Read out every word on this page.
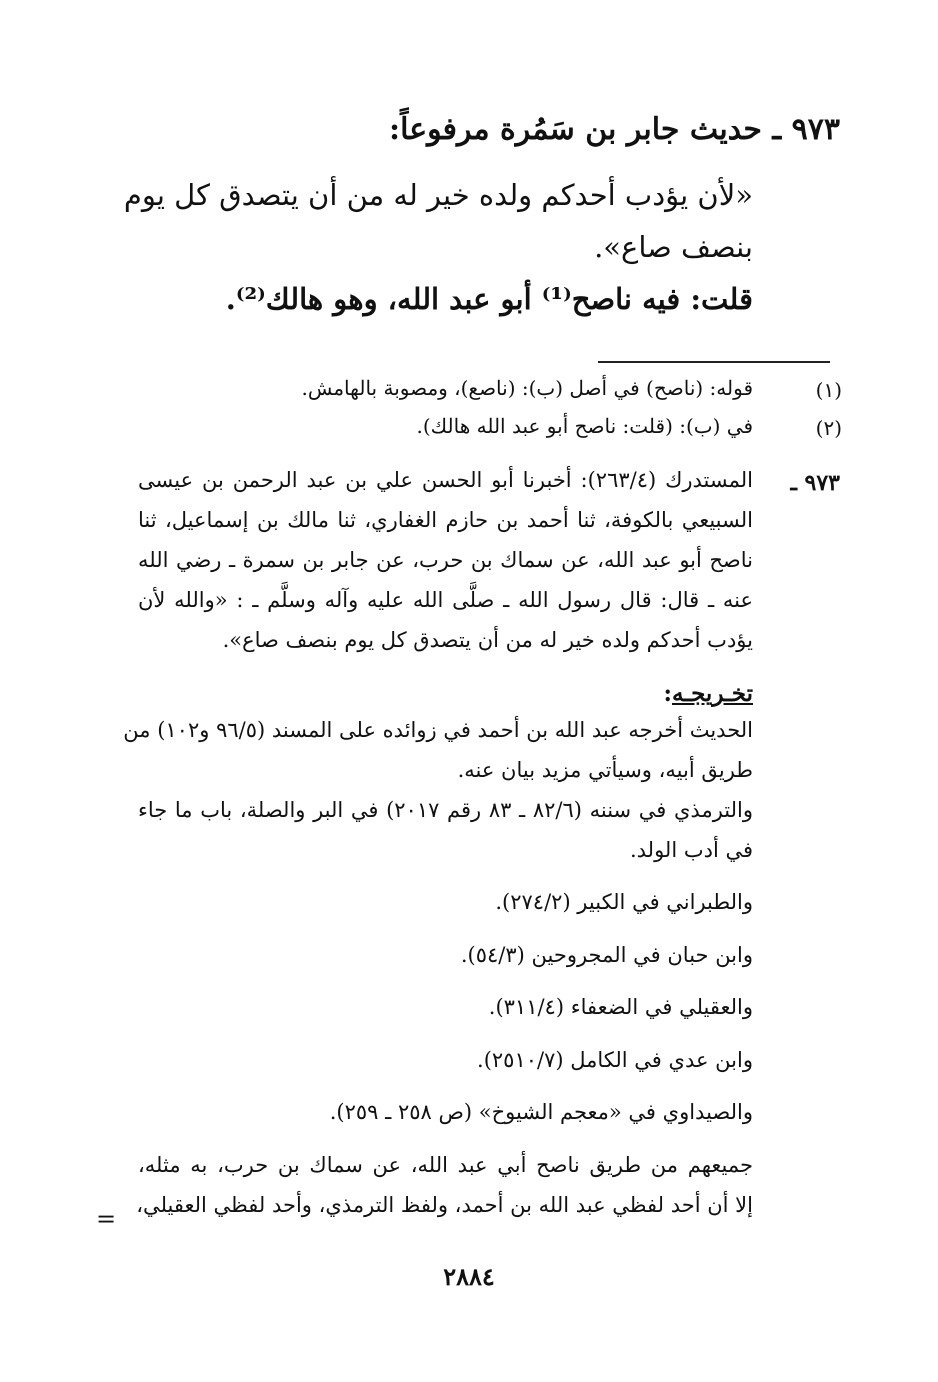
٩٧٣ ـ حديث جابر بن سَمُرة مرفوعاً:
«لأن يؤدب أحدكم ولده خير له من أن يتصدق كل يوم
بنصف صاع».
قلت: فيه ناصح⁽¹⁾ أبو عبد الله، وهو هالك⁽²⁾.
(١)
قوله: (ناصح) في أصل (ب): (ناصع)، ومصوبة بالهامش.
(٢)
في (ب): (قلت: ناصح أبو عبد الله هالك).
٩٧٣ ـ
المستدرك (٢٦٣/٤): أخبرنا أبو الحسن علي بن عبد الرحمن بن عيسى
السبيعي بالكوفة، ثنا أحمد بن حازم الغفاري، ثنا مالك بن إسماعيل، ثنا
ناصح أبو عبد الله، عن سماك بن حرب، عن جابر بن سمرة ـ رضي الله
عنه ـ قال: قال رسول الله ـ صلَّى الله عليه وآله وسلَّم ـ : «والله لأن
يؤدب أحدكم ولده خير له من أن يتصدق كل يوم بنصف صاع».
تخـريجـه:
الحديث أخرجه عبد الله بن أحمد في زوائده على المسند (٩٦/٥ و١٠٢) من
طريق أبيه، وسيأتي مزيد بيان عنه.
والترمذي في سننه (٨٢/٦ ـ ٨٣ رقم ٢٠١٧) في البر والصلة، باب ما جاء
في أدب الولد.
والطبراني في الكبير (٢٧٤/٢).
وابن حبان في المجروحين (٥٤/٣).
والعقيلي في الضعفاء (٣١١/٤).
وابن عدي في الكامل (٢٥١٠/٧).
والصيداوي في «معجم الشيوخ» (ص ٢٥٨ ـ ٢٥٩).
جميعهم من طريق ناصح أبي عبد الله، عن سماك بن حرب، به مثله،
إلا أن أحد لفظي عبد الله بن أحمد، ولفظ الترمذي، وأحد لفظي العقيلي،
=
٢٨٨٤
